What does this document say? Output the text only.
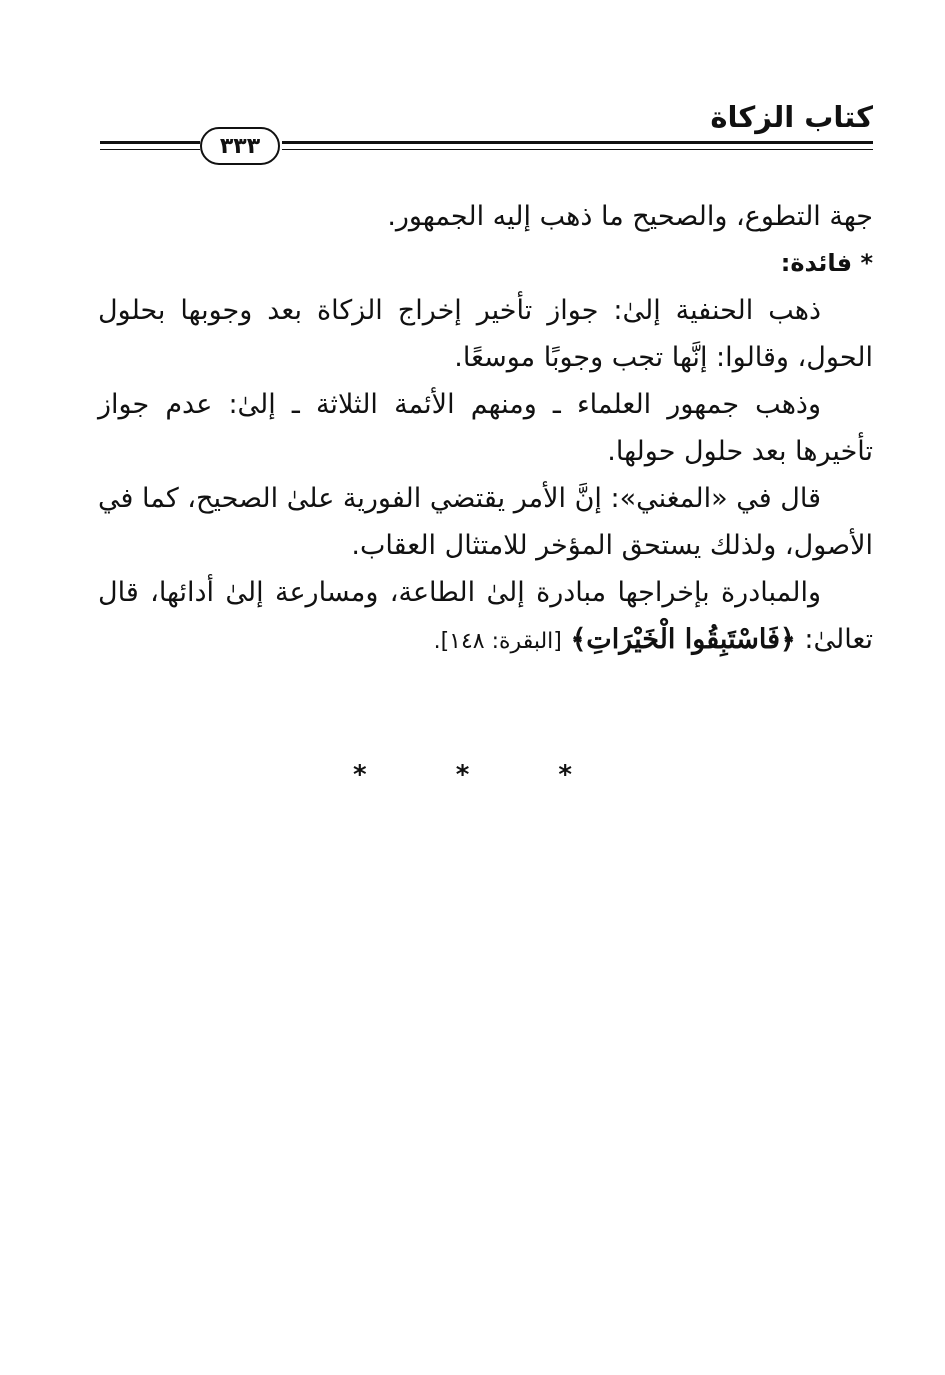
كتاب الزكاة
٣٣٣

جهة التطوع، والصحيح ما ذهب إليه الجمهور.

* فائدة:

ذهب الحنفية إلىٰ: جواز تأخير إخراج الزكاة بعد وجوبها بحلول الحول، وقالوا: إنَّها تجب وجوبًا موسعًا.

وذهب جمهور العلماء ـ ومنهم الأئمة الثلاثة ـ إلىٰ: عدم جواز تأخيرها بعد حلول حولها.

قال في «المغني»: إنَّ الأمر يقتضي الفورية علىٰ الصحيح، كما في الأصول، ولذلك يستحق المؤخر للامتثال العقاب.

والمبادرة بإخراجها مبادرة إلىٰ الطاعة، ومسارعة إلىٰ أدائها، قال تعالىٰ: ﴿فَاسْتَبِقُوا الْخَيْرَاتِ﴾ [البقرة: ١٤٨].

* * *
